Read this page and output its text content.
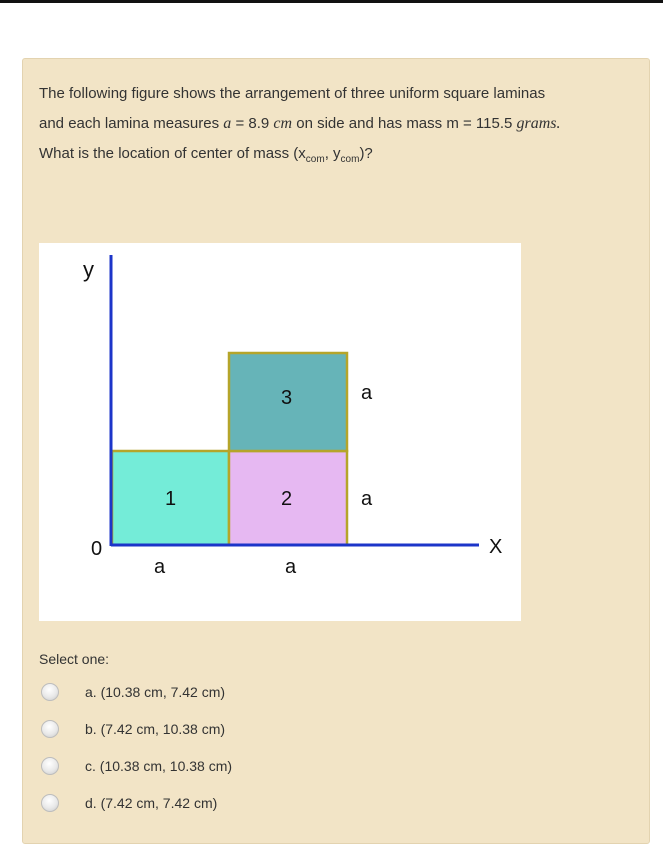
The following figure shows the arrangement of three uniform square laminas
and each lamina measures a = 8.9 cm on side and has mass m = 115.5 grams.
What is the location of center of mass ($x_{com}$, $y_{com}$)?
y
X
0
1	2
3	a
a
a	a
Select one:
a. (10.38 cm, 7.42 cm)
b. (7.42 cm, 10.38 cm)
c. (10.38 cm, 10.38 cm)
d. (7.42 cm, 7.42 cm)
